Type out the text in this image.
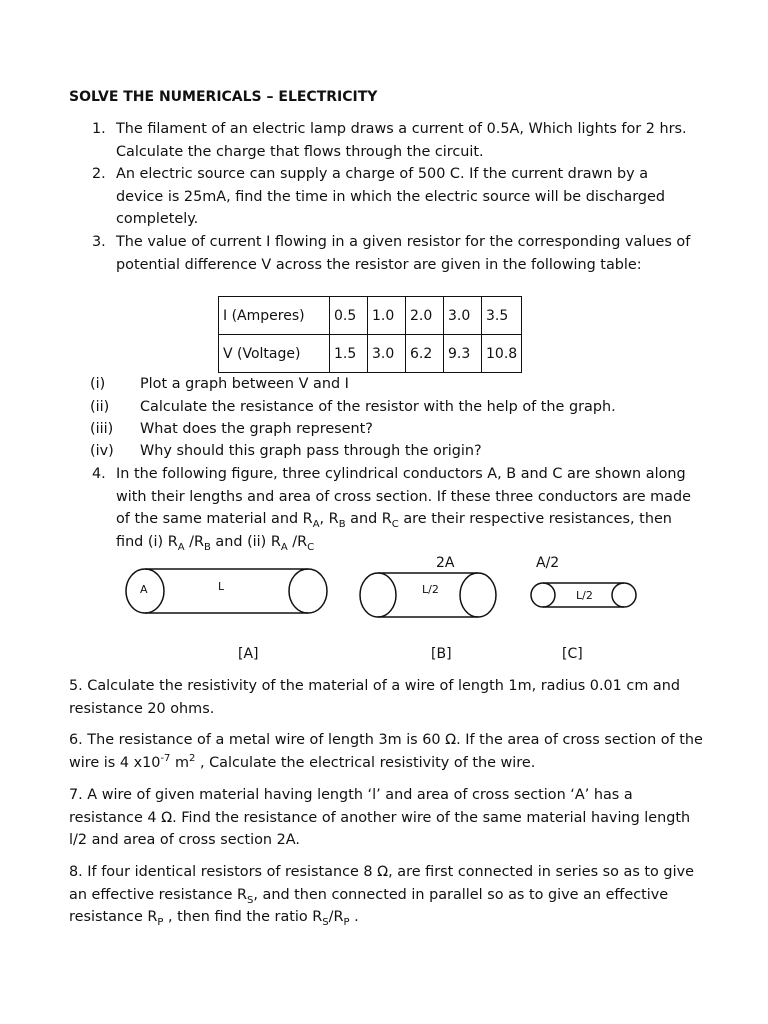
SOLVE THE NUMERICALS – ELECTRICITY
1. The filament of an electric lamp draws a current of 0.5A, Which lights for 2 hrs.
Calculate the charge that flows through the circuit.
2. An electric source can supply a charge of 500 C. If the current drawn by a
device is 25mA, find the time in which the electric source will be discharged
completely.
3. The value of current I flowing in a given resistor for the corresponding values of
potential difference V across the resistor are given in the following table:
I (Amperes)	0.5	1.0	2.0	3.0	3.5
V (Voltage)	1.5	3.0	6.2	9.3	10.8
(i) Plot a graph between V and I
(ii) Calculate the resistance of the resistor with the help of the graph.
(iii) What does the graph represent?
(iv) Why should this graph pass through the origin?
4. In the following figure, three cylindrical conductors A, B and C are shown along
with their lengths and area of cross section. If these three conductors are made
of the same material and $R_A$, $R_B$ and $R_C$ are their respective resistances, then
find (i) $R_A$ $/R_B$ and (ii) $R_A$ $/R_C$
A	L
2A
L/2
A/2
L/2
[A]	[B]	[C]
5. Calculate the resistivity of the material of a wire of length 1m, radius 0.01 cm and resistance 20 ohms.
6. The resistance of a metal wire of length 3m is 60 Ω. If the area of cross section of the wire is 4 $x10^{-7}$ $m^2$ , Calculate the electrical resistivity of the wire.
7. A wire of given material having length ‘l’ and area of cross section ‘A’ has a resistance 4 Ω. Find the resistance of another wire of the same material having length l/2 and area of cross section 2A.
8. If four identical resistors of resistance 8 Ω, are first connected in series so as to give an effective resistance $R_S$, and then connected in parallel so as to give an effective resistance $R_P$ , then find the ratio $R_S/R_P$ .
